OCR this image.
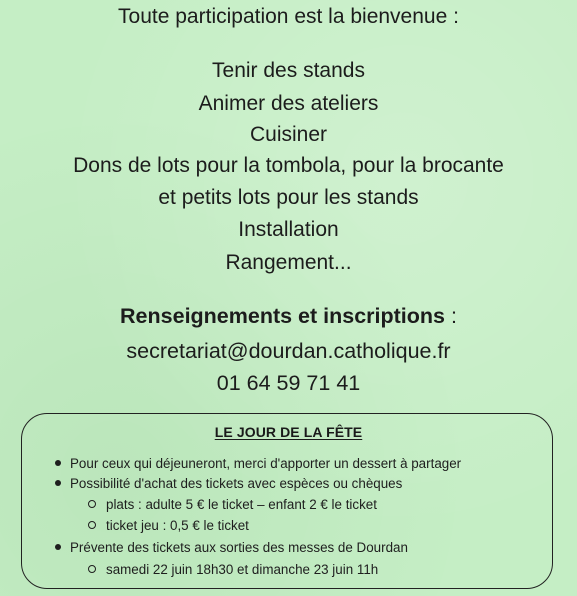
Toute participation est la bienvenue :
Tenir des stands
Animer des ateliers
Cuisiner
Dons de lots pour la tombola, pour la brocante
et petits lots pour les stands
Installation
Rangement...
Renseignements et inscriptions :
secretariat@dourdan.catholique.fr
01 64 59 71 41
LE JOUR DE LA FÊTE
Pour ceux qui déjeuneront, merci d'apporter un dessert à partager
Possibilité d'achat des tickets avec espèces ou chèques
plats : adulte 5 € le ticket – enfant 2 € le ticket
ticket jeu : 0,5 € le ticket
Prévente des tickets aux sorties des messes de Dourdan
samedi 22 juin 18h30 et dimanche 23 juin 11h
